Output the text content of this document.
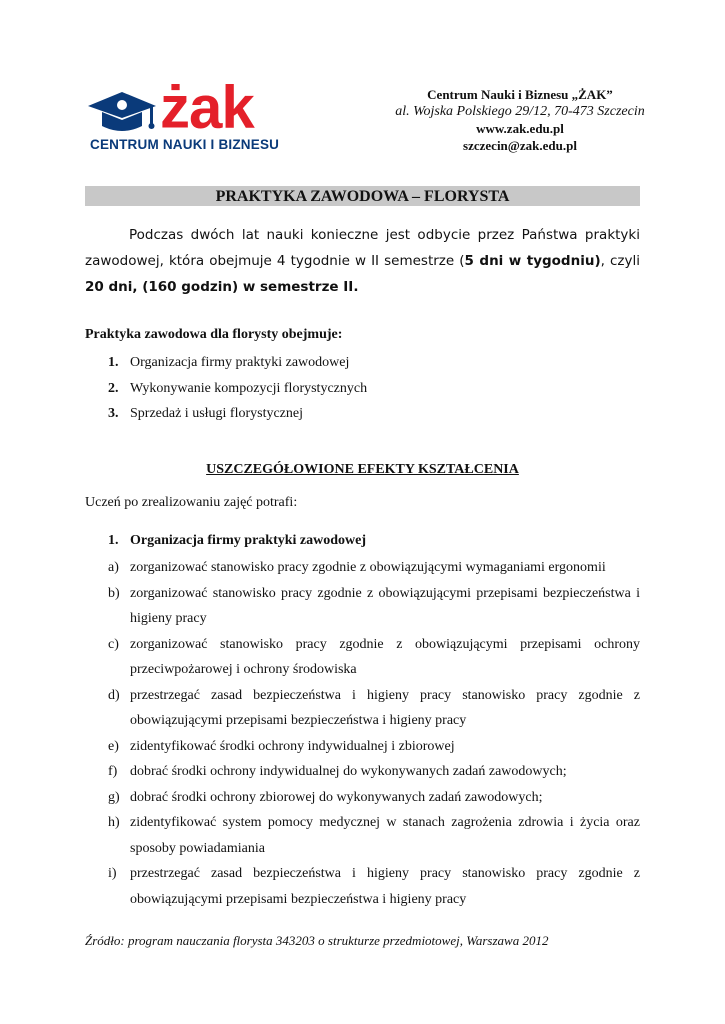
żak
CENTRUM NAUKI I BIZNESU
Centrum Nauki i Biznesu „ŻAK”
al. Wojska Polskiego 29/12, 70-473 Szczecin
www.zak.edu.pl
szczecin@zak.edu.pl
PRAKTYKA ZAWODOWA – FLORYSTA
Podczas dwóch lat nauki konieczne jest odbycie przez Państwa praktyki zawodowej, która obejmuje 4 tygodnie w II semestrze (5 dni w tygodniu), czyli 20 dni, (160 godzin) w semestrze II.
Praktyka zawodowa dla florysty obejmuje:
1. Organizacja firmy praktyki zawodowej
2. Wykonywanie kompozycji florystycznych
3. Sprzedaż i usługi florystycznej
USZCZEGÓŁOWIONE EFEKTY KSZTAŁCENIA
Uczeń po zrealizowaniu zajęć potrafi:
1. Organizacja firmy praktyki zawodowej
a) zorganizować stanowisko pracy zgodnie z obowiązującymi wymaganiami ergonomii
b) zorganizować stanowisko pracy zgodnie z obowiązującymi przepisami bezpieczeństwa i higieny pracy
c) zorganizować stanowisko pracy zgodnie z obowiązującymi przepisami ochrony przeciwpożarowej i ochrony środowiska
d) przestrzegać zasad bezpieczeństwa i higieny pracy stanowisko pracy zgodnie z obowiązującymi przepisami bezpieczeństwa i higieny pracy
e) zidentyfikować środki ochrony indywidualnej i zbiorowej
f) dobrać środki ochrony indywidualnej do wykonywanych zadań zawodowych;
g) dobrać środki ochrony zbiorowej do wykonywanych zadań zawodowych;
h) zidentyfikować system pomocy medycznej w stanach zagrożenia zdrowia i życia oraz sposoby powiadamiania
i) przestrzegać zasad bezpieczeństwa i higieny pracy stanowisko pracy zgodnie z obowiązującymi przepisami bezpieczeństwa i higieny pracy
Źródło: program nauczania florysta 343203 o strukturze przedmiotowej, Warszawa 2012
